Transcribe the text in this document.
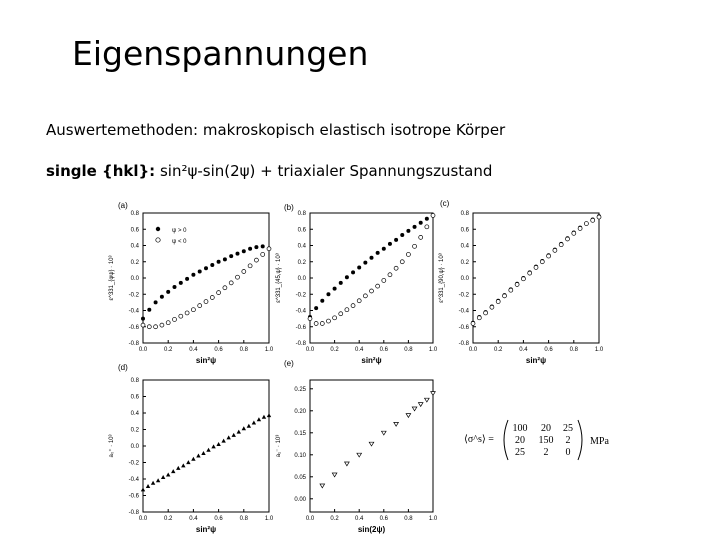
Eigenspannungen
Auswertemethoden: makroskopisch elastisch isotrope Körper
single {hkl}: sin²ψ-sin(2ψ) + triaxialer Spannungszustand
0.0	0.2	0.4	0.6	0.8	1.0
0.8
0.6
0.4
0.2
0.0
-0.2
-0.4
-0.6
-0.8
sin²ψ
ε^331_{φψ} · 10³
(a)
0.0	0.2	0.4	0.6	0.8	1.0
0.8
0.6
0.4
0.2
0.0
-0.2
-0.4
-0.6
-0.8
sin²ψ
ε^331_{45,ψ} · 10³
(b)
0.0	0.2	0.4	0.6	0.8	1.0
0.8
0.6
0.4
0.2
0.0
-0.2
-0.4
-0.6
-0.8
sin²ψ
ε^331_{90,ψ} · 10³
(c)
0.0	0.2	0.4	0.6	0.8	1.0
0.8
0.6
0.4
0.2
0.0
-0.2
-0.4
-0.6
-0.8
sin²ψ
a₀⁺ · 10³
(d)
0.0	0.2	0.4	0.6	0.8	1.0
0.25
0.20
0.15
0.10
0.05
0.00
sin(2ψ)
a₁⁻ · 10³
(e)
ψ > 0
ψ < 0
⟨σ^s⟩ =
100 20 25
20 150 2
25 2 0
MPa
